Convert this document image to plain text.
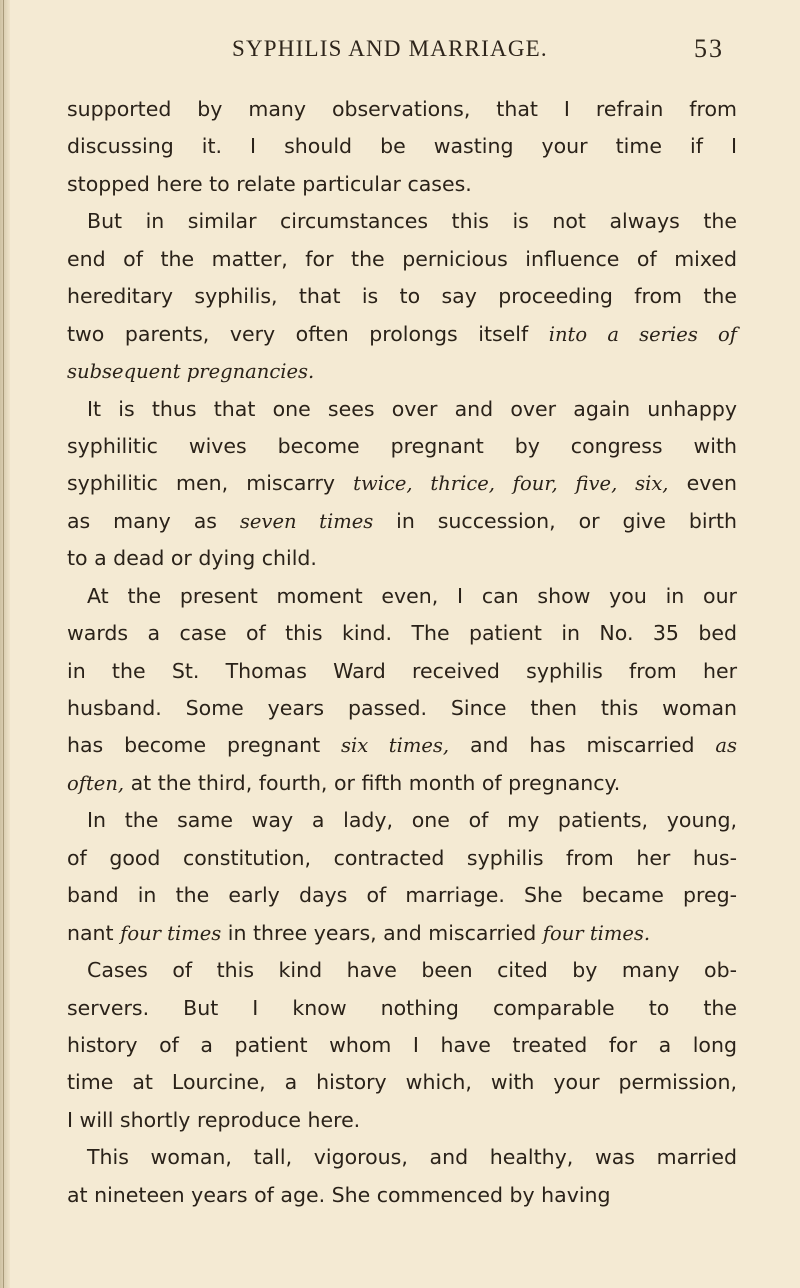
SYPHILIS AND MARRIAGE.	53
supported by many observations, that I refrain from
discussing it. I should be wasting your time if I
stopped here to relate particular cases.
But in similar circumstances this is not always the
end of the matter, for the pernicious influence of mixed
hereditary syphilis, that is to say proceeding from the
two parents, very often prolongs itself into a series of
subsequent pregnancies.
It is thus that one sees over and over again unhappy
syphilitic wives become pregnant by congress with
syphilitic men, miscarry twice, thrice, four, five, six, even
as many as seven times in succession, or give birth
to a dead or dying child.
At the present moment even, I can show you in our
wards a case of this kind. The patient in No. 35 bed
in the St. Thomas Ward received syphilis from her
husband. Some years passed. Since then this woman
has become pregnant six times, and has miscarried as
often, at the third, fourth, or fifth month of pregnancy.
In the same way a lady, one of my patients, young,
of good constitution, contracted syphilis from her hus-
band in the early days of marriage. She became preg-
nant four times in three years, and miscarried four times.
Cases of this kind have been cited by many ob-
servers. But I know nothing comparable to the
history of a patient whom I have treated for a long
time at Lourcine, a history which, with your permission,
I will shortly reproduce here.
This woman, tall, vigorous, and healthy, was married
at nineteen years of age. She commenced by having
